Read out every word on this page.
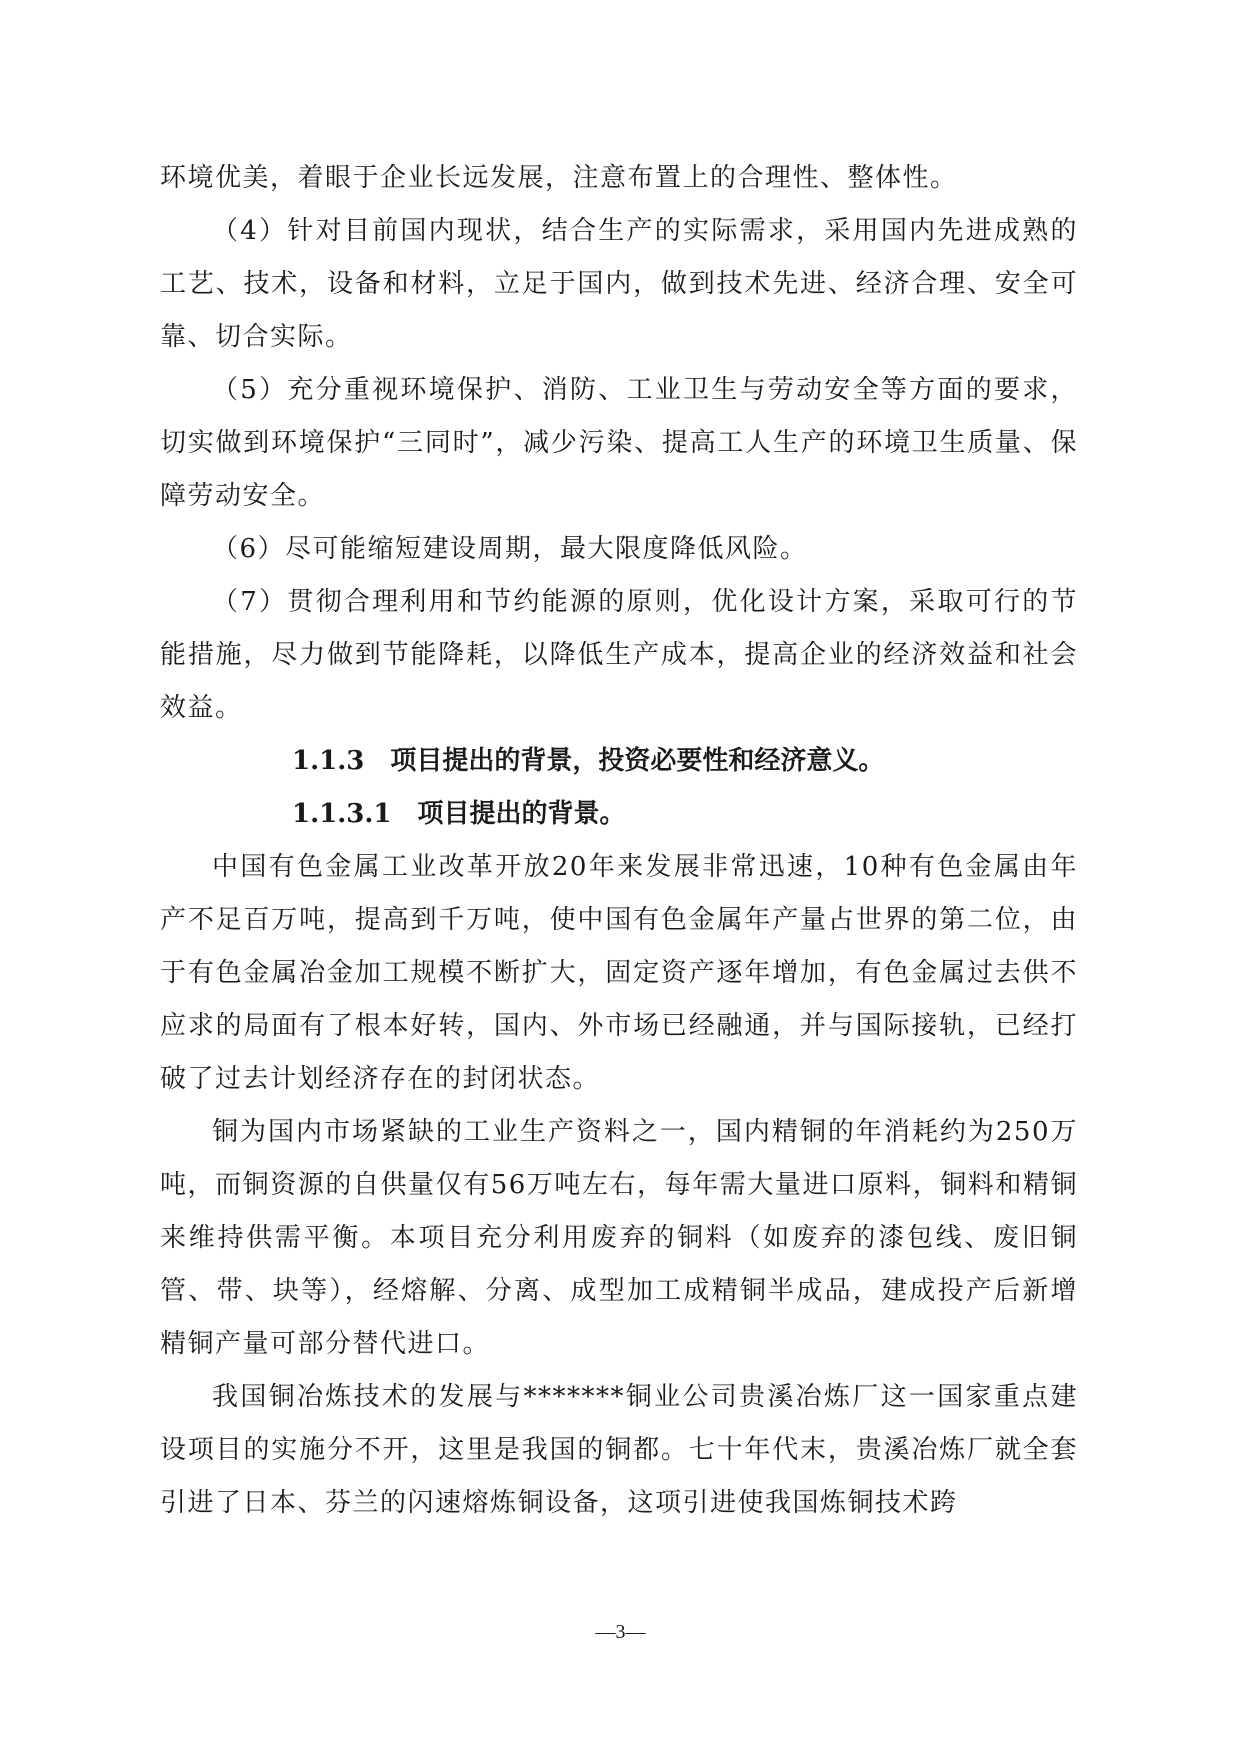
环境优美，着眼于企业长远发展，注意布置上的合理性、整体性。

（4）针对目前国内现状，结合生产的实际需求，采用国内先进成熟的工艺、技术，设备和材料，立足于国内，做到技术先进、经济合理、安全可靠、切合实际。

（5）充分重视环境保护、消防、工业卫生与劳动安全等方面的要求，切实做到环境保护“三同时”，减少污染、提高工人生产的环境卫生质量、保障劳动安全。

（6）尽可能缩短建设周期，最大限度降低风险。

（7）贯彻合理利用和节约能源的原则，优化设计方案，采取可行的节能措施，尽力做到节能降耗，以降低生产成本，提高企业的经济效益和社会效益。

1.1.3 项目提出的背景，投资必要性和经济意义。

1.1.3.1 项目提出的背景。

中国有色金属工业改革开放20年来发展非常迅速，10种有色金属由年产不足百万吨，提高到千万吨，使中国有色金属年产量占世界的第二位，由于有色金属冶金加工规模不断扩大，固定资产逐年增加，有色金属过去供不应求的局面有了根本好转，国内、外市场已经融通，并与国际接轨，已经打破了过去计划经济存在的封闭状态。

铜为国内市场紧缺的工业生产资料之一，国内精铜的年消耗约为250万吨，而铜资源的自供量仅有56万吨左右，每年需大量进口原料，铜料和精铜来维持供需平衡。本项目充分利用废弃的铜料（如废弃的漆包线、废旧铜管、带、块等），经熔解、分离、成型加工成精铜半成品，建成投产后新增精铜产量可部分替代进口。

我国铜冶炼技术的发展与*******铜业公司贵溪冶炼厂这一国家重点建设项目的实施分不开，这里是我国的铜都。七十年代末，贵溪冶炼厂就全套引进了日本、芬兰的闪速熔炼铜设备，这项引进使我国炼铜技术跨

—3—
